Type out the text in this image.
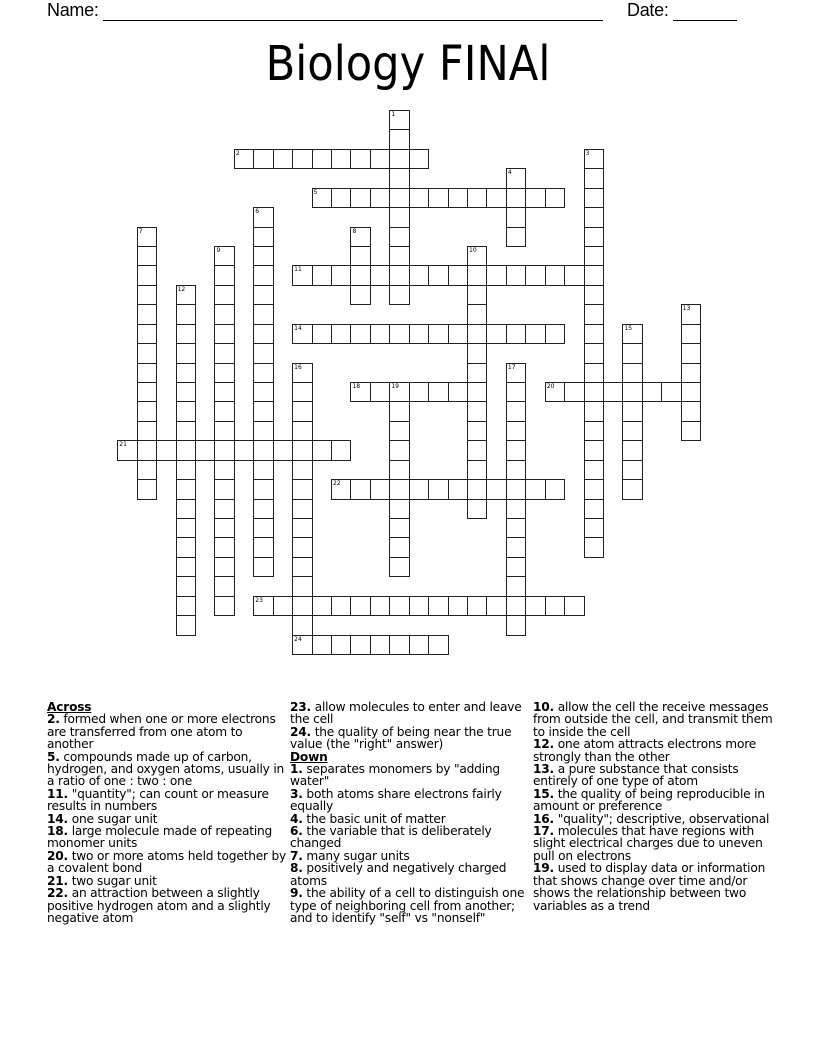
Name:	Date:
Biology FINAl
1
2	3
4
5
6
7	8
9	10
11
12
13
14	15
16
24
17
18	19	20
21
22
23
Across
2. formed when one or more electrons are transferred from one atom to another
5. compounds made up of carbon, hydrogen, and oxygen atoms, usually in a ratio of one : two : one
11. "quantity"; can count or measure results in numbers
14. one sugar unit
18. large molecule made of repeating monomer units
20. two or more atoms held together by a covalent bond
21. two sugar unit
22. an attraction between a slightly positive hydrogen atom and a slightly negative atom
23. allow molecules to enter and leave the cell
24. the quality of being near the true value (the "right" answer)
Down
1. separates monomers by "adding water"
3. both atoms share electrons fairly equally
4. the basic unit of matter
6. the variable that is deliberately changed
7. many sugar units
8. positively and negatively charged atoms
9. the ability of a cell to distinguish one type of neighboring cell from another; and to identify "self" vs "nonself"
10. allow the cell the receive messages from outside the cell, and transmit them to inside the cell
12. one atom attracts electrons more strongly than the other
13. a pure substance that consists entirely of one type of atom
15. the quality of being reproducible in amount or preference
16. "quality"; descriptive, observational
17. molecules that have regions with slight electrical charges due to uneven pull on electrons
19. used to display data or information that shows change over time and/or shows the relationship between two variables as a trend
